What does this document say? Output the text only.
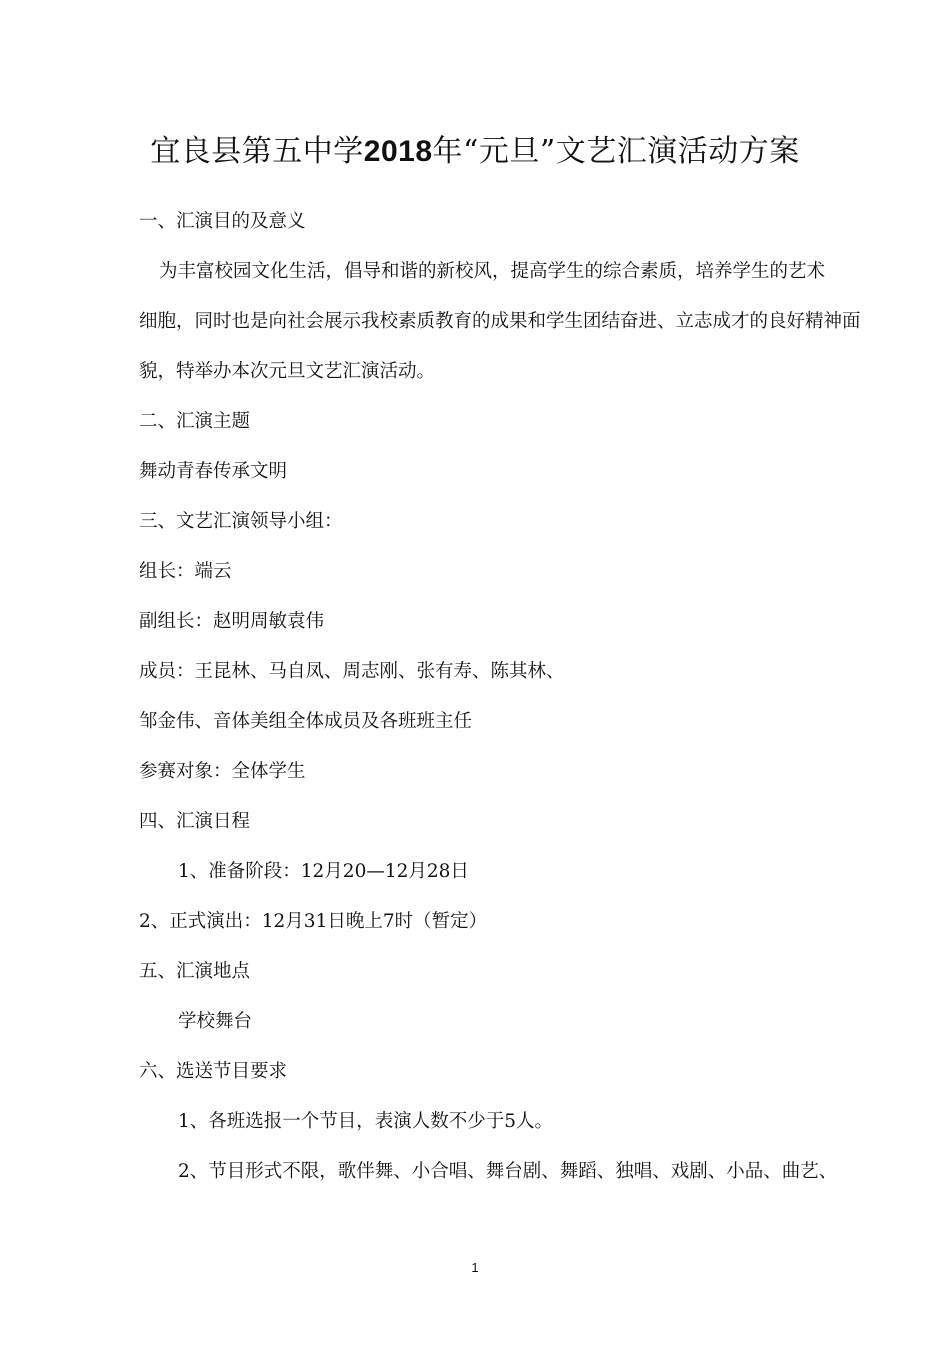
宜良县第五中学2018年“元旦”文艺汇演活动方案
一、汇演目的及意义
为丰富校园文化生活，倡导和谐的新校风，提高学生的综合素质，培养学生的艺术
细胞，同时也是向社会展示我校素质教育的成果和学生团结奋进、立志成才的良好精神面
貌，特举办本次元旦文艺汇演活动。
二、汇演主题
舞动青春传承文明
三、文艺汇演领导小组：
组长：端云
副组长：赵明周敏袁伟
成员：王昆林、马自凤、周志刚、张有寿、陈其林、
邹金伟、音体美组全体成员及各班班主任
参赛对象：全体学生
四、汇演日程
1、准备阶段：12月20—12月28日
2、正式演出：12月31日晚上7时（暂定）
五、汇演地点
学校舞台
六、选送节目要求
1、各班选报一个节目，表演人数不少于5人。
2、节目形式不限，歌伴舞、小合唱、舞台剧、舞蹈、独唱、戏剧、小品、曲艺、
1
